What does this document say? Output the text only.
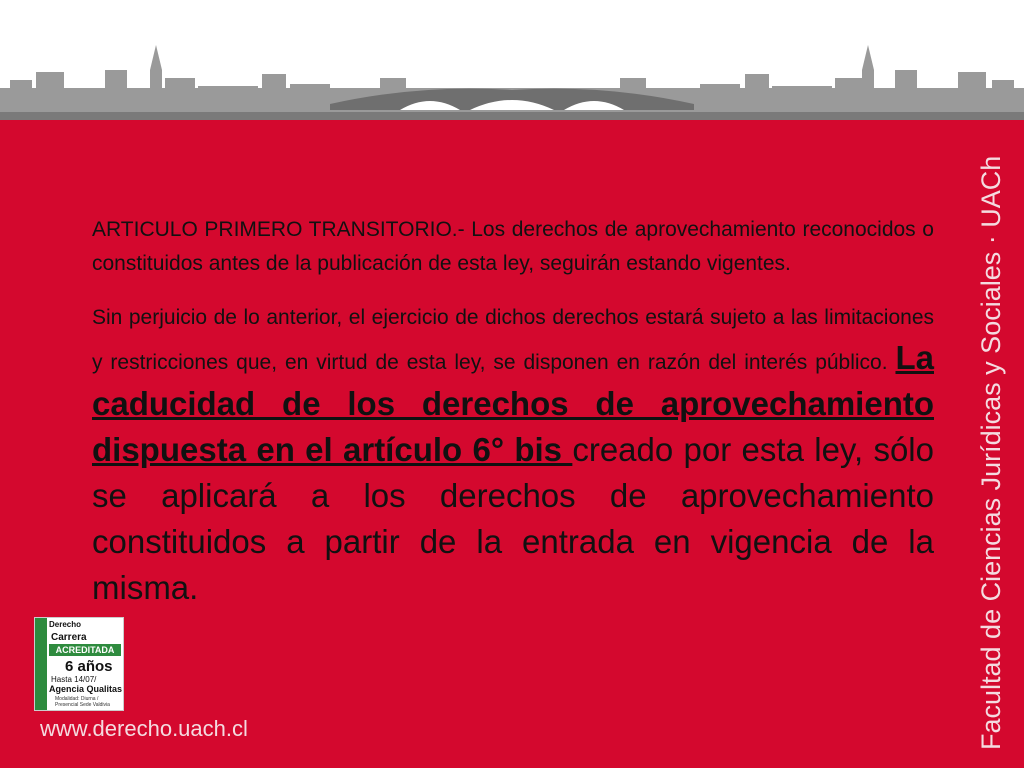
ARTICULO PRIMERO TRANSITORIO.- Los derechos de aprovechamiento reconocidos o constituidos antes de la publicación de esta ley, seguirán estando vigentes.

Sin perjuicio de lo anterior, el ejercicio de dichos derechos estará sujeto a las limitaciones y restricciones que, en virtud de esta ley, se disponen en razón del interés público. La caducidad de los derechos de aprovechamiento dispuesta en el artículo 6° bis creado por esta ley, sólo se aplicará a los derechos de aprovechamiento constituidos a partir de la entrada en vigencia de la misma.	Facultad de Ciencias Jurídicas y Sociales · UACh
Derecho
Carrera
ACREDITADA
6 años
Hasta 14/07/
Agencia Qualitas
Modalidad: Diurna / Presencial Sede Valdivia
www.derecho.uach.cl
